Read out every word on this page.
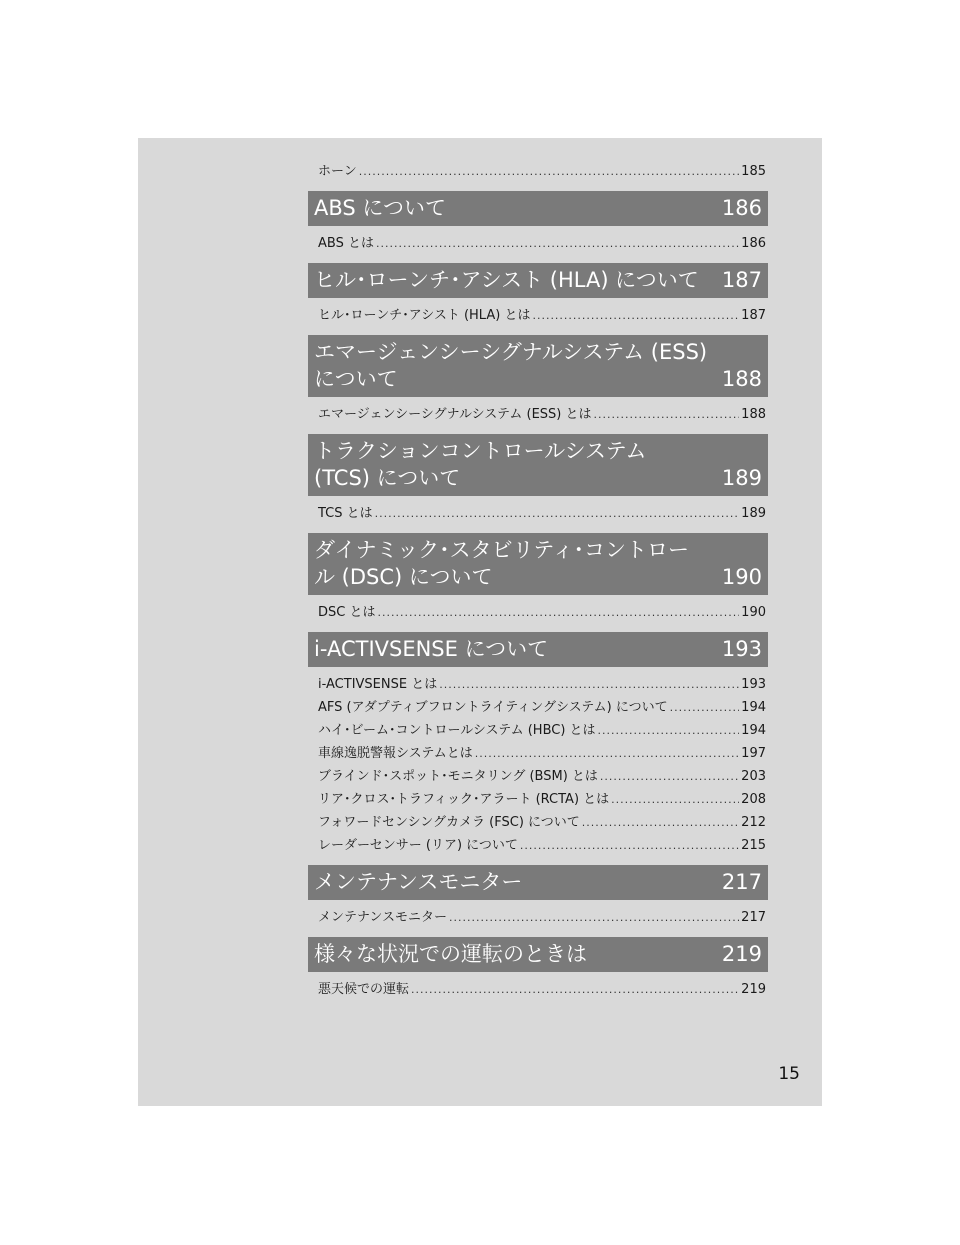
ホーン .....	185
ABS について	186
ABS とは .....	186
ヒル･ローンチ･アシスト (HLA) について	187
ヒル･ローンチ･アシスト (HLA) とは .....	187
エマージェンシーシグナルシステム (ESS) について	188
エマージェンシーシグナルシステム (ESS) とは .....	188
トラクションコントロールシステム (TCS) について	189
TCS とは .....	189
ダイナミック･スタビリティ･コントロール (DSC) について	190
DSC とは .....	190
i-ACTIVSENSE について	193
i-ACTIVSENSE とは .....	193
AFS (アダプティブフロントライティングシステム) について .....	194
ハイ･ビーム･コントロールシステム (HBC) とは .....	194
車線逸脱警報システムとは .....	197
ブラインド･スポット･モニタリング (BSM) とは .....	203
リア･クロス･トラフィック･アラート (RCTA) とは .....	208
フォワードセンシングカメラ (FSC) について .....	212
レーダーセンサー (リア) について .....	215
メンテナンスモニター	217
メンテナンスモニター .....	217
様々な状況での運転のときは	219
悪天候での運転 .....	219
15
